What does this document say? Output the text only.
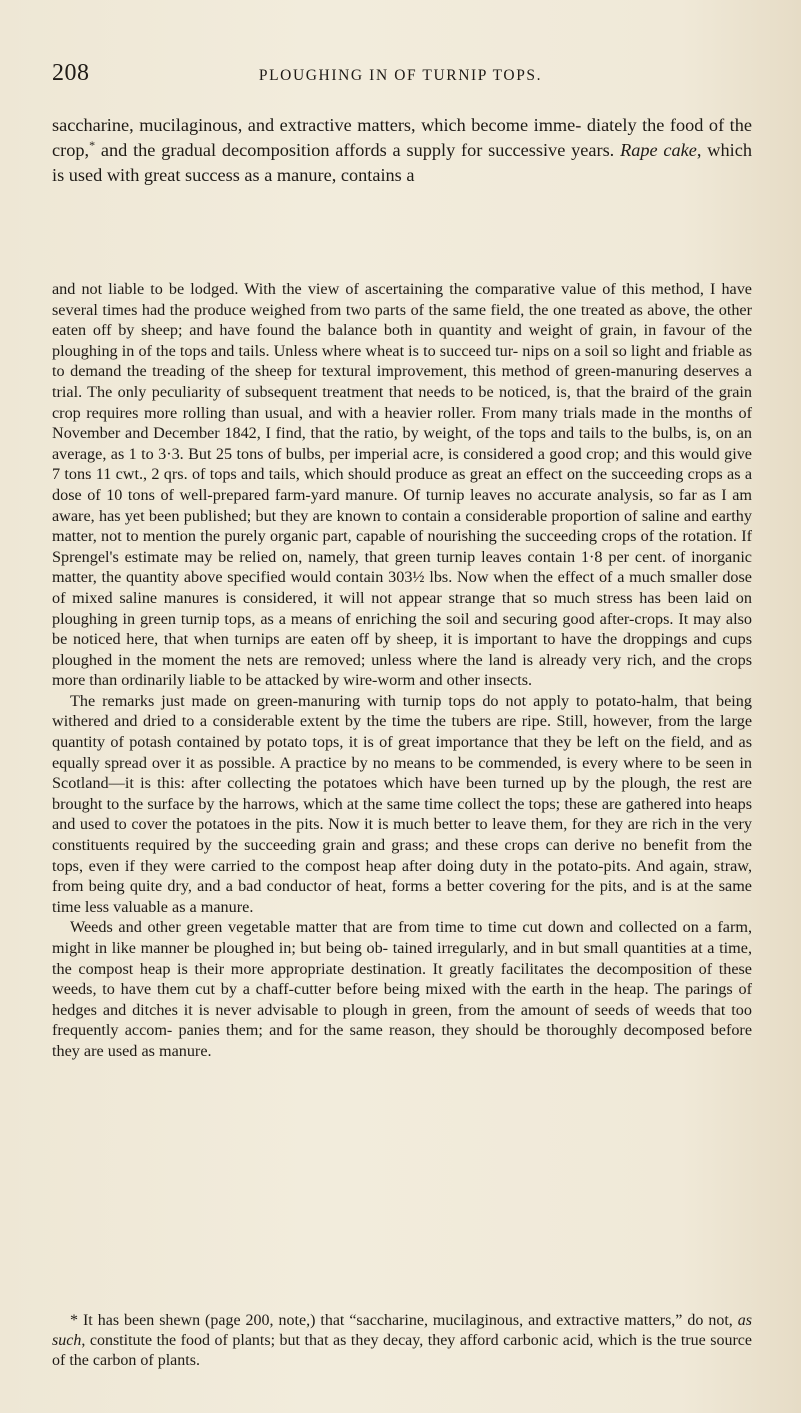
208	PLOUGHING IN OF TURNIP TOPS.

saccharine, mucilaginous, and extractive matters, which become imme- diately the food of the crop,* and the gradual decomposition affords a supply for successive years. Rape cake, which is used with great success as a manure, contains a

and not liable to be lodged. With the view of ascertaining the comparative value of this method, I have several times had the produce weighed from two parts of the same field, the one treated as above, the other eaten off by sheep; and have found the balance both in quantity and weight of grain, in favour of the ploughing in of the tops and tails. Unless where wheat is to succeed tur- nips on a soil so light and friable as to demand the treading of the sheep for textural improvement, this method of green-manuring deserves a trial. The only peculiarity of subsequent treatment that needs to be noticed, is, that the braird of the grain crop requires more rolling than usual, and with a heavier roller. From many trials made in the months of November and December 1842, I find, that the ratio, by weight, of the tops and tails to the bulbs, is, on an average, as 1 to 3·3. But 25 tons of bulbs, per imperial acre, is considered a good crop; and this would give 7 tons 11 cwt., 2 qrs. of tops and tails, which should produce as great an effect on the succeeding crops as a dose of 10 tons of well-prepared farm-yard manure. Of turnip leaves no accurate analysis, so far as I am aware, has yet been published; but they are known to contain a considerable proportion of saline and earthy matter, not to mention the purely organic part, capable of nourishing the succeeding crops of the rotation. If Sprengel's estimate may be relied on, namely, that green turnip leaves contain 1·8 per cent. of inorganic matter, the quantity above specified would contain 303½ lbs. Now when the effect of a much smaller dose of mixed saline manures is considered, it will not appear strange that so much stress has been laid on ploughing in green turnip tops, as a means of enriching the soil and securing good after-crops. It may also be noticed here, that when turnips are eaten off by sheep, it is important to have the droppings and cups ploughed in the moment the nets are removed; unless where the land is already very rich, and the crops more than ordinarily liable to be attacked by wire-worm and other insects.

The remarks just made on green-manuring with turnip tops do not apply to potato-halm, that being withered and dried to a considerable extent by the time the tubers are ripe. Still, however, from the large quantity of potash contained by potato tops, it is of great importance that they be left on the field, and as equally spread over it as possible. A practice by no means to be commended, is every where to be seen in Scotland—it is this: after collecting the potatoes which have been turned up by the plough, the rest are brought to the surface by the harrows, which at the same time collect the tops; these are gathered into heaps and used to cover the potatoes in the pits. Now it is much better to leave them, for they are rich in the very constituents required by the succeeding grain and grass; and these crops can derive no benefit from the tops, even if they were carried to the compost heap after doing duty in the potato-pits. And again, straw, from being quite dry, and a bad conductor of heat, forms a better covering for the pits, and is at the same time less valuable as a manure.

Weeds and other green vegetable matter that are from time to time cut down and collected on a farm, might in like manner be ploughed in; but being ob- tained irregularly, and in but small quantities at a time, the compost heap is their more appropriate destination. It greatly facilitates the decomposition of these weeds, to have them cut by a chaff-cutter before being mixed with the earth in the heap. The parings of hedges and ditches it is never advisable to plough in green, from the amount of seeds of weeds that too frequently accom- panies them; and for the same reason, they should be thoroughly decomposed before they are used as manure.

* It has been shewn (page 200, note,) that “saccharine, mucilaginous, and extractive matters,” do not, as such, constitute the food of plants; but that as they decay, they afford carbonic acid, which is the true source of the carbon of plants.
